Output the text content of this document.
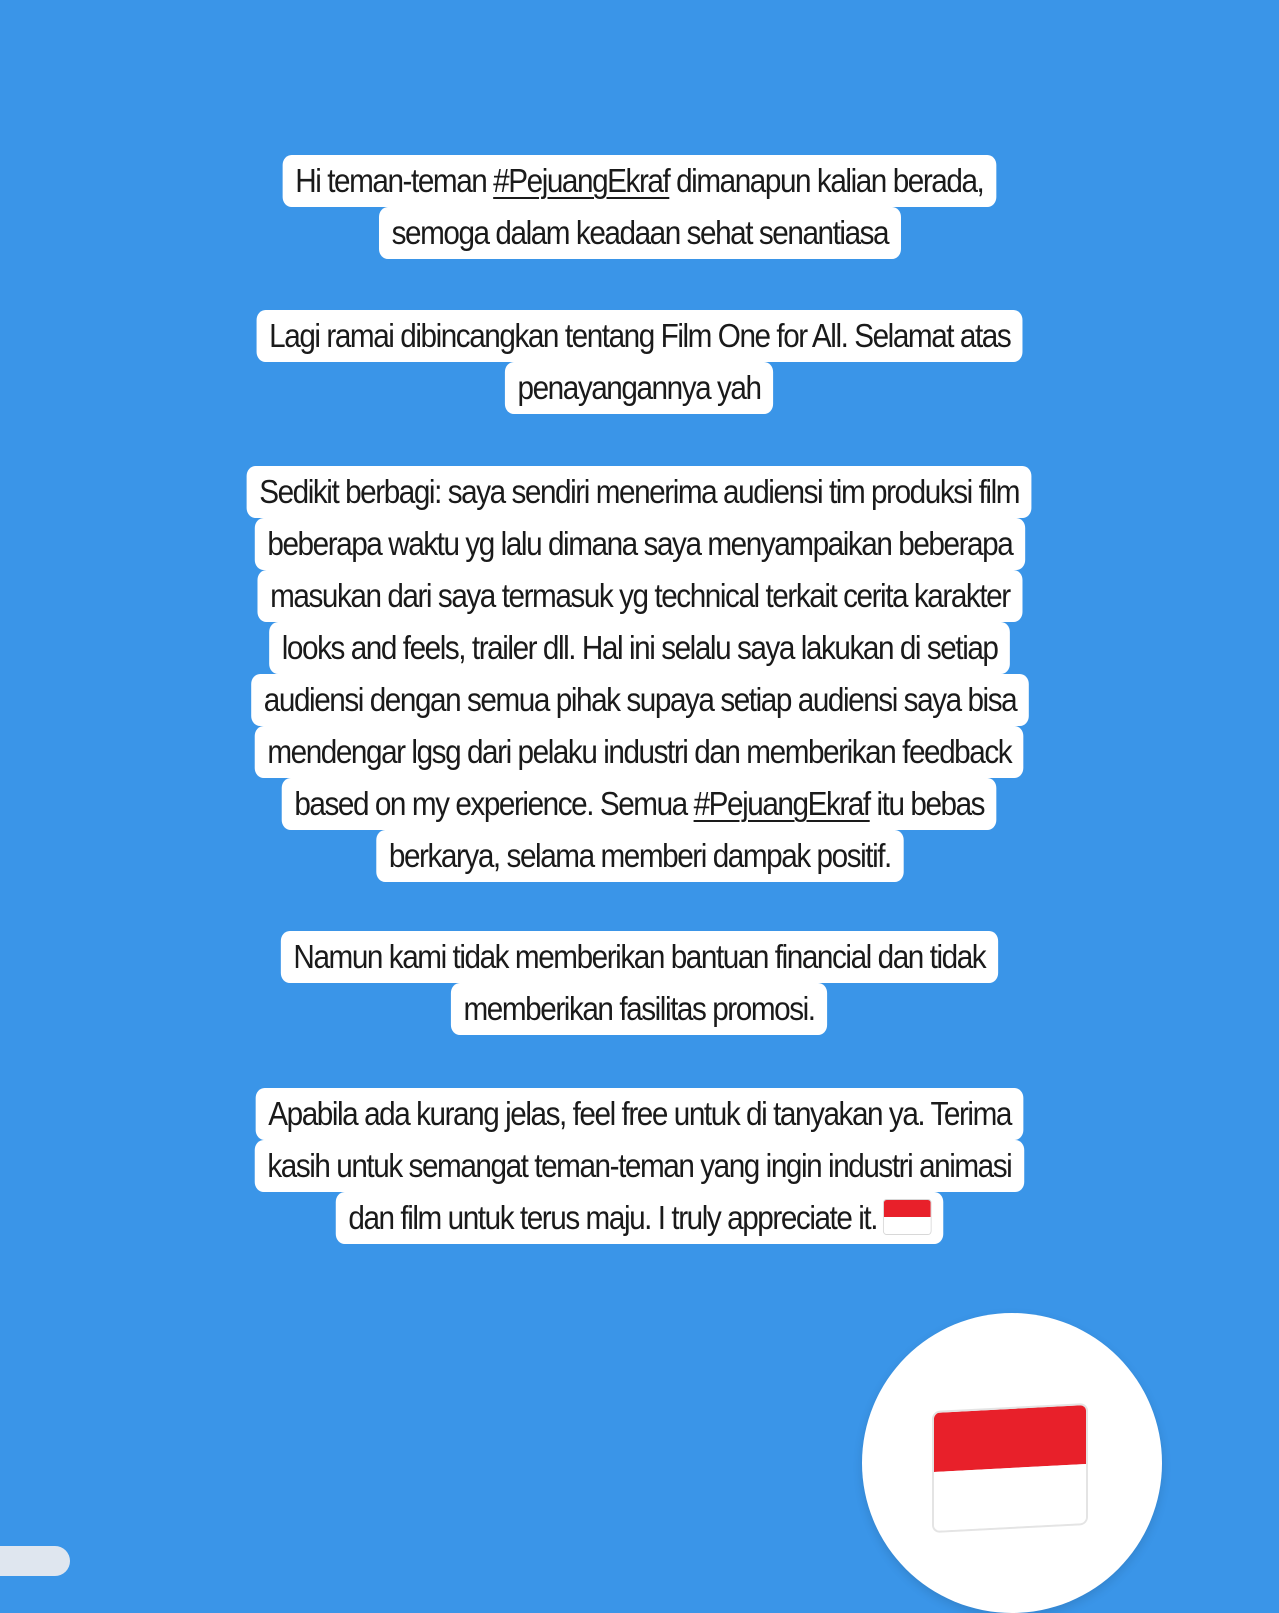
Hi teman-teman #PejuangEkraf dimanapun kalian berada,
semoga dalam keadaan sehat senantiasa
Lagi ramai dibincangkan tentang Film One for All. Selamat atas
penayangannya yah
Sedikit berbagi: saya sendiri menerima audiensi tim produksi film
beberapa waktu yg lalu dimana saya menyampaikan beberapa
masukan dari saya termasuk yg technical terkait cerita karakter
looks and feels, trailer dll. Hal ini selalu saya lakukan di setiap
audiensi dengan semua pihak supaya setiap audiensi saya bisa
mendengar lgsg dari pelaku industri dan memberikan feedback
based on my experience. Semua #PejuangEkraf itu bebas
berkarya, selama memberi dampak positif.
Namun kami tidak memberikan bantuan financial dan tidak
memberikan fasilitas promosi.
Apabila ada kurang jelas, feel free untuk di tanyakan ya. Terima
kasih untuk semangat teman-teman yang ingin industri animasi
dan film untuk terus maju. I truly appreciate it.
